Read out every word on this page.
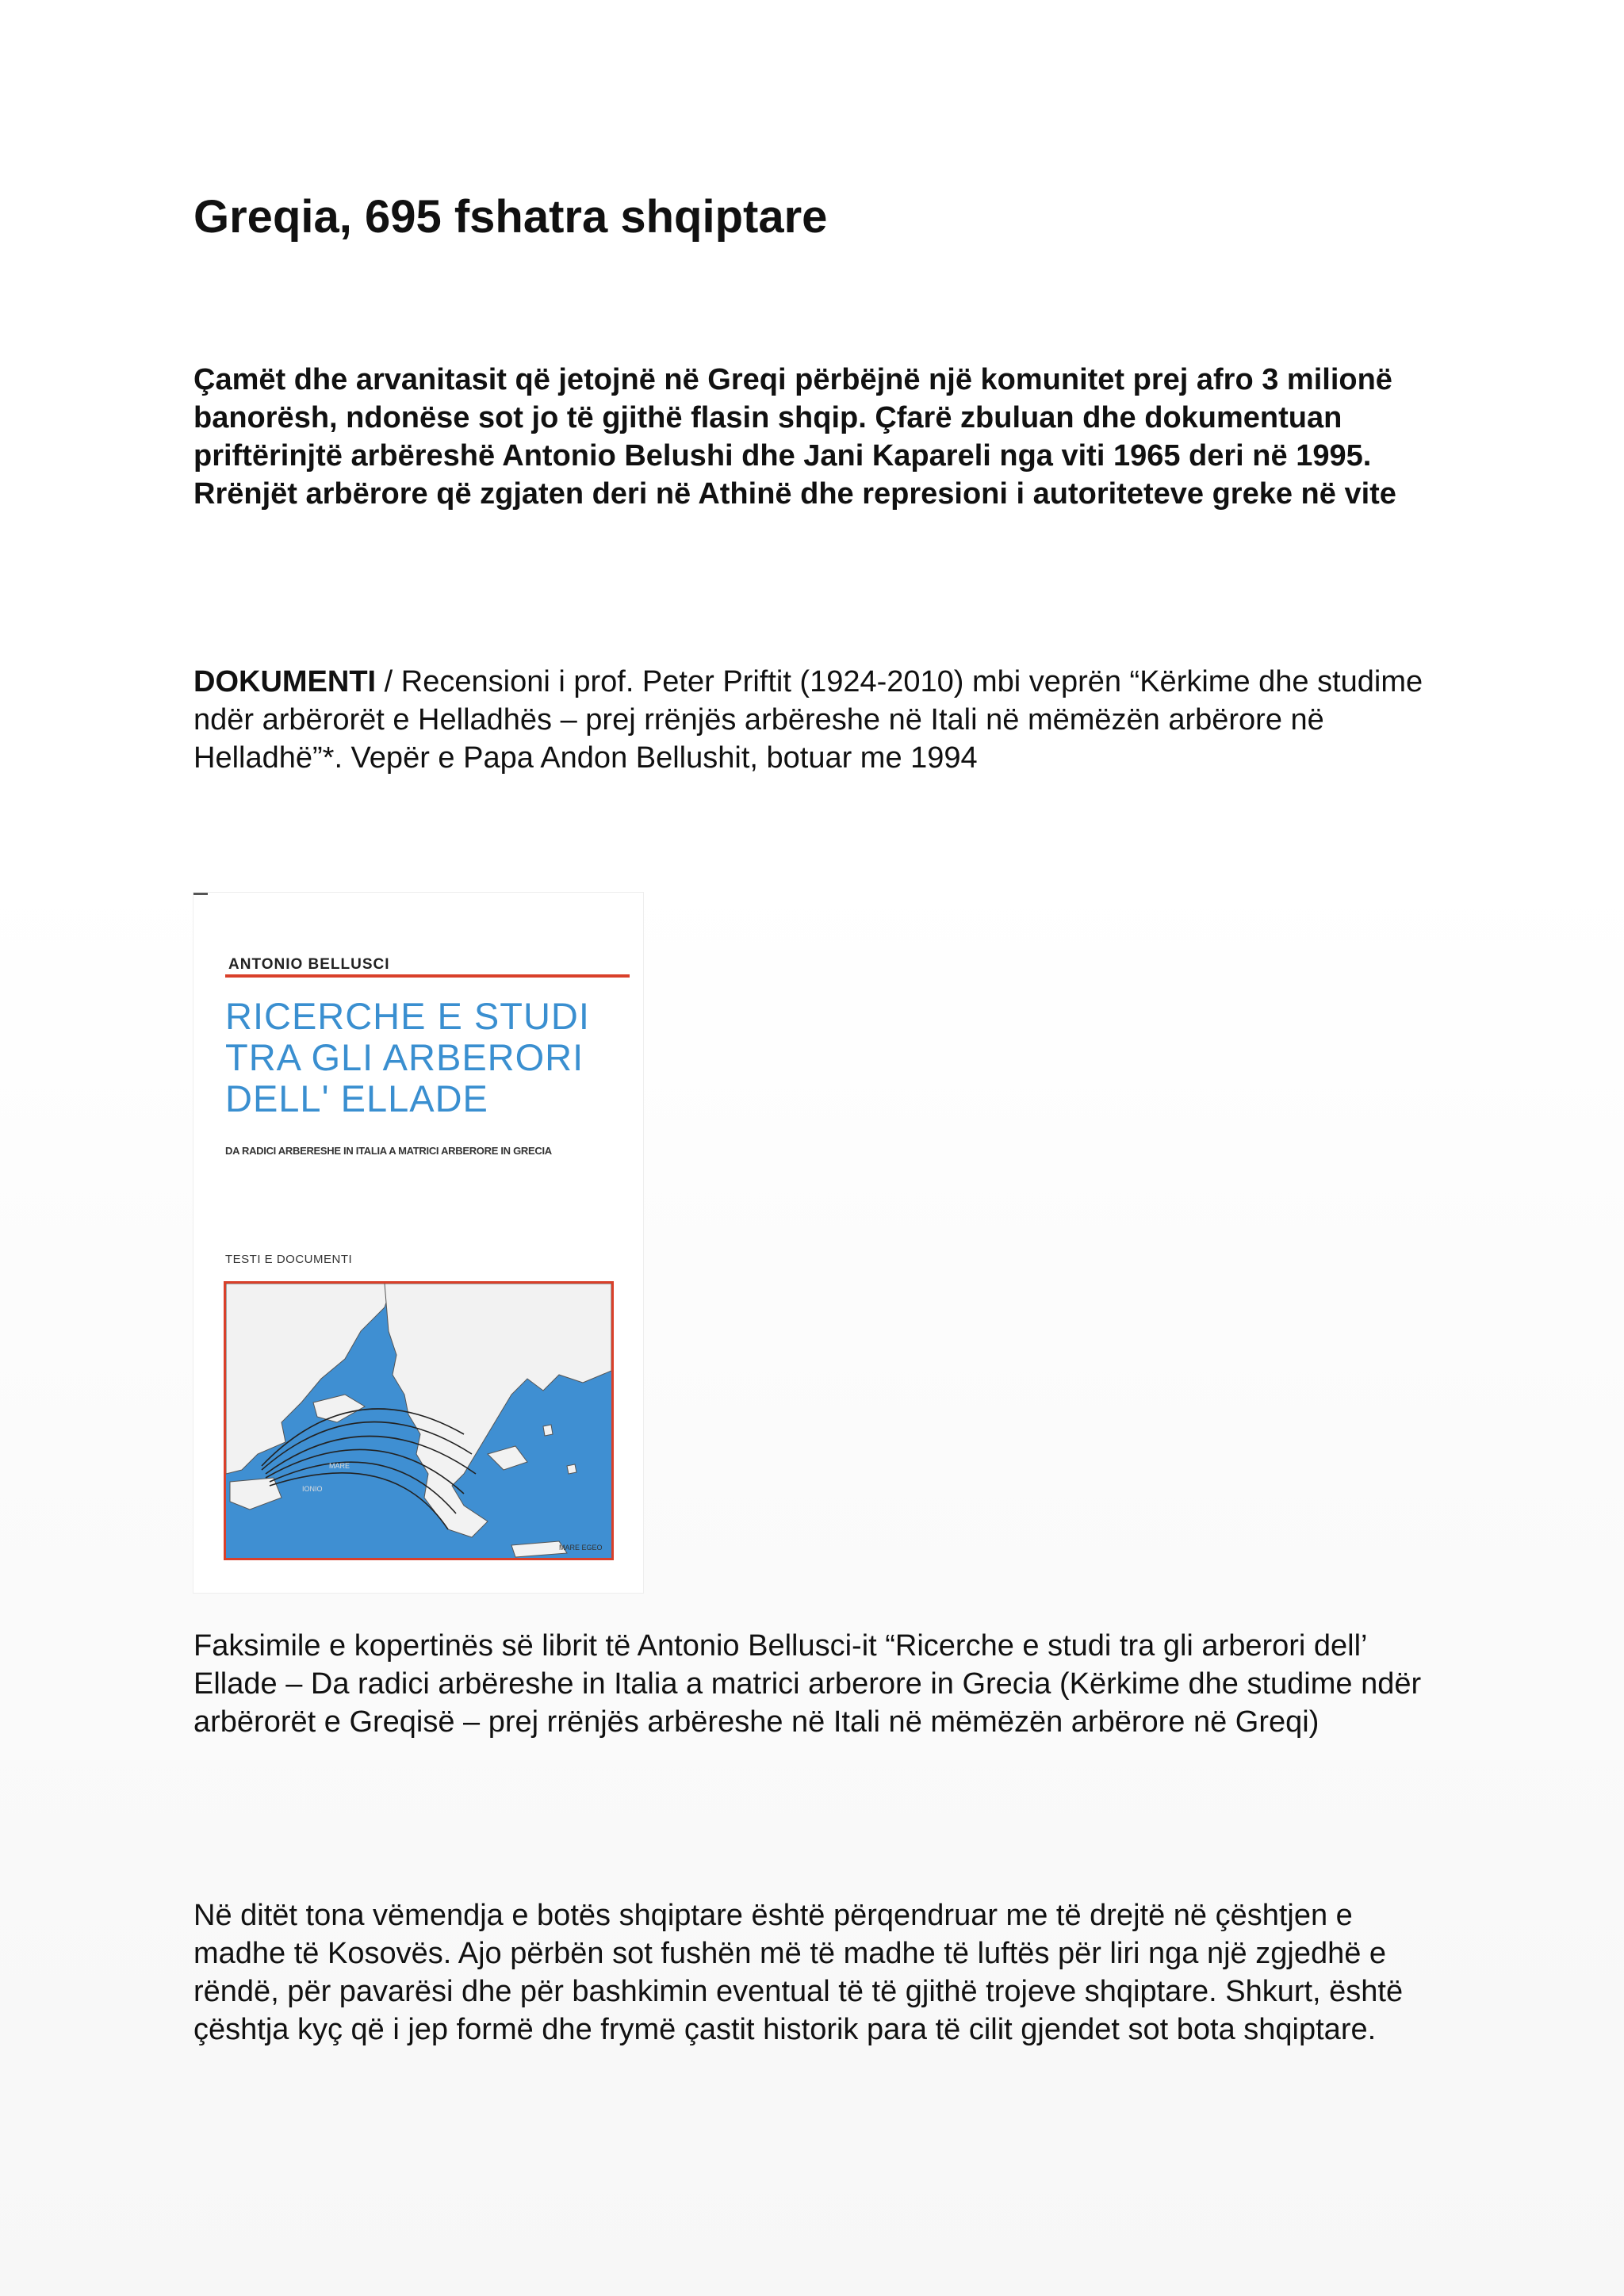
Greqia, 695 fshatra shqiptare

Çamët dhe arvanitasit që jetojnë në Greqi përbëjnë një komunitet prej afro 3 milionë banorësh, ndonëse sot jo të gjithë flasin shqip. Çfarë zbuluan dhe dokumentuan priftërinjtë arbëreshë Antonio Belushi dhe Jani Kapareli nga viti 1965 deri në 1995. Rrënjët arbërore që zgjaten deri në Athinë dhe represioni i autoriteteve greke në vite

DOKUMENTI / Recensioni i prof. Peter Priftit (1924-2010) mbi veprën “Kërkime dhe studime ndër arbërorët e Helladhës – prej rrënjës arbëreshe në Itali në mëmëzën arbërore në Helladhë”*. Vepër e Papa Andon Bellushit, botuar me 1994

ANTONIO BELLUSCI
RICERCHE E STUDI
TRA GLI ARBERORI
DELL' ELLADE
DA RADICI ARBERESHE IN ITALIA A MATRICI ARBERORE IN GRECIA
TESTI E DOCUMENTI
MARE
IONIO
MARE EGEO

Faksimile e kopertinës së librit të Antonio Bellusci-it “Ricerche e studi tra gli arberori dell’ Ellade – Da radici arbëreshe in Italia a matrici arberore in Grecia (Kërkime dhe studime ndër arbërorët e Greqisë – prej rrënjës arbëreshe në Itali në mëmëzën arbërore në Greqi)

Në ditët tona vëmendja e botës shqiptare është përqendruar me të drejtë në çështjen e madhe të Kosovës. Ajo përbën sot fushën më të madhe të luftës për liri nga një zgjedhë e rëndë, për pavarësi dhe për bashkimin eventual të të gjithë trojeve shqiptare. Shkurt, është çështja kyç që i jep formë dhe frymë çastit historik para të cilit gjendet sot bota shqiptare.
